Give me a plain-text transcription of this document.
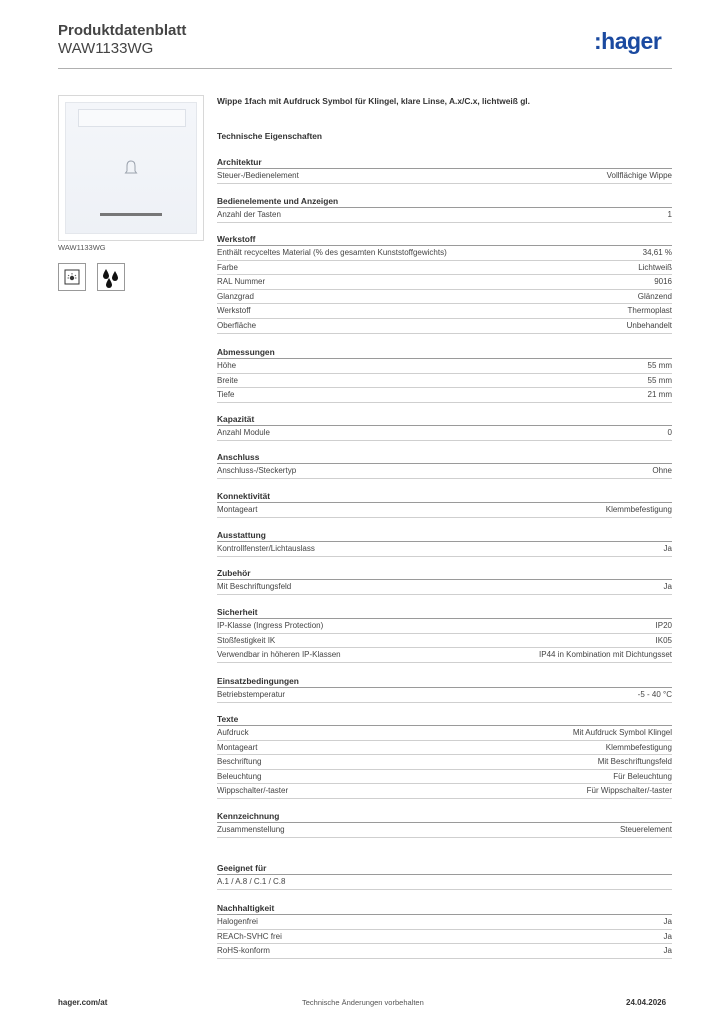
Produktdatenblatt
WAW1133WG	:hager
WAW1133WG
Wippe 1fach mit Aufdruck Symbol für Klingel, klare Linse, A.x/C.x, lichtweiß gl.
Technische Eigenschaften
Architektur
Steuer-/Bedienelement	Vollflächige Wippe
Bedienelemente und Anzeigen
Anzahl der Tasten	1
Werkstoff
Enthält recyceltes Material (% des gesamten Kunststoffgewichts)	34,61 %
Farbe	Lichtweiß
RAL Nummer	9016
Glanzgrad	Glänzend
Werkstoff	Thermoplast
Oberfläche	Unbehandelt
Abmessungen
Höhe	55 mm
Breite	55 mm
Tiefe	21 mm
Kapazität
Anzahl Module	0
Anschluss
Anschluss-/Steckertyp	Ohne
Konnektivität
Montageart	Klemmbefestigung
Ausstattung
Kontrollfenster/Lichtauslass	Ja
Zubehör
Mit Beschriftungsfeld	Ja
Sicherheit
IP-Klasse (Ingress Protection)	IP20
Stoßfestigkeit IK	IK05
Verwendbar in höheren IP-Klassen	IP44 in Kombination mit Dichtungsset
Einsatzbedingungen
Betriebstemperatur	-5 - 40 °C
Texte
Aufdruck	Mit Aufdruck Symbol Klingel
Montageart	Klemmbefestigung
Beschriftung	Mit Beschriftungsfeld
Beleuchtung	Für Beleuchtung
Wippschalter/-taster	Für Wippschalter/-taster
Kennzeichnung
Zusammenstellung	Steuerelement
Geeignet für
A.1 / A.8 / C.1 / C.8
Nachhaltigkeit
Halogenfrei	Ja
REACh-SVHC frei	Ja
RoHS-konform	Ja
hager.com/at	Technische Änderungen vorbehalten	24.04.2026
